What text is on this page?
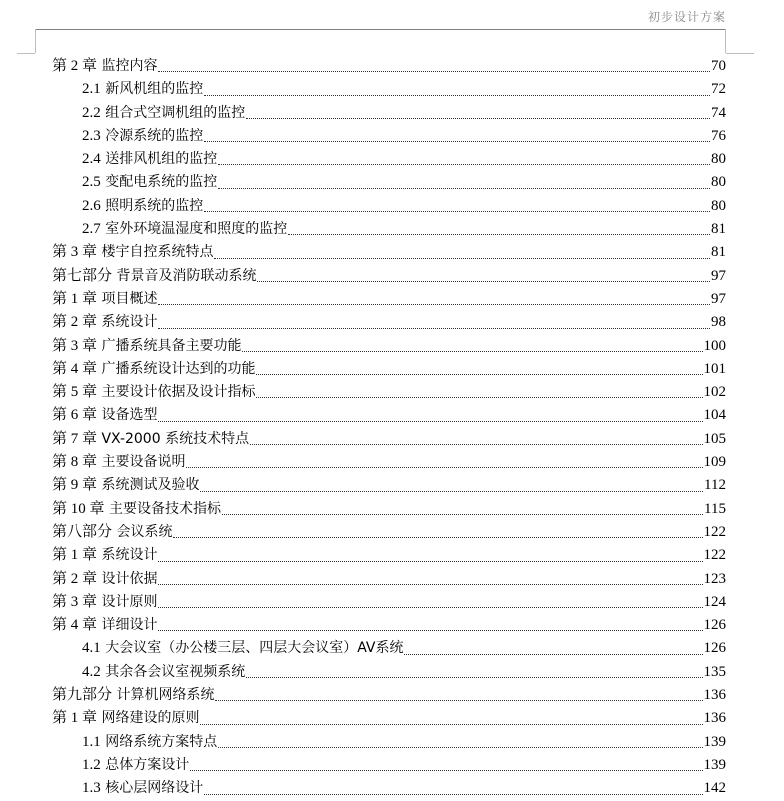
初步设计方案
第 2 章 监控内容	70
2.1 新风机组的监控	72
2.2 组合式空调机组的监控	74
2.3 冷源系统的监控	76
2.4 送排风机组的监控	80
2.5 变配电系统的监控	80
2.6 照明系统的监控	80
2.7 室外环境温湿度和照度的监控	81
第 3 章 楼宇自控系统特点	81
第七部分 背景音及消防联动系统	97
第 1 章 项目概述	97
第 2 章 系统设计	98
第 3 章 广播系统具备主要功能	100
第 4 章 广播系统设计达到的功能	101
第 5 章 主要设计依据及设计指标	102
第 6 章 设备选型	104
第 7 章 VX-2000 系统技术特点	105
第 8 章 主要设备说明	109
第 9 章 系统测试及验收	112
第 10 章 主要设备技术指标	115
第八部分 会议系统	122
第 1 章 系统设计	122
第 2 章 设计依据	123
第 3 章 设计原则	124
第 4 章 详细设计	126
4.1 大会议室（办公楼三层、四层大会议室）AV系统	126
4.2 其余各会议室视频系统	135
第九部分 计算机网络系统	136
第 1 章 网络建设的原则	136
1.1 网络系统方案特点	139
1.2 总体方案设计	139
1.3 核心层网络设计	142
